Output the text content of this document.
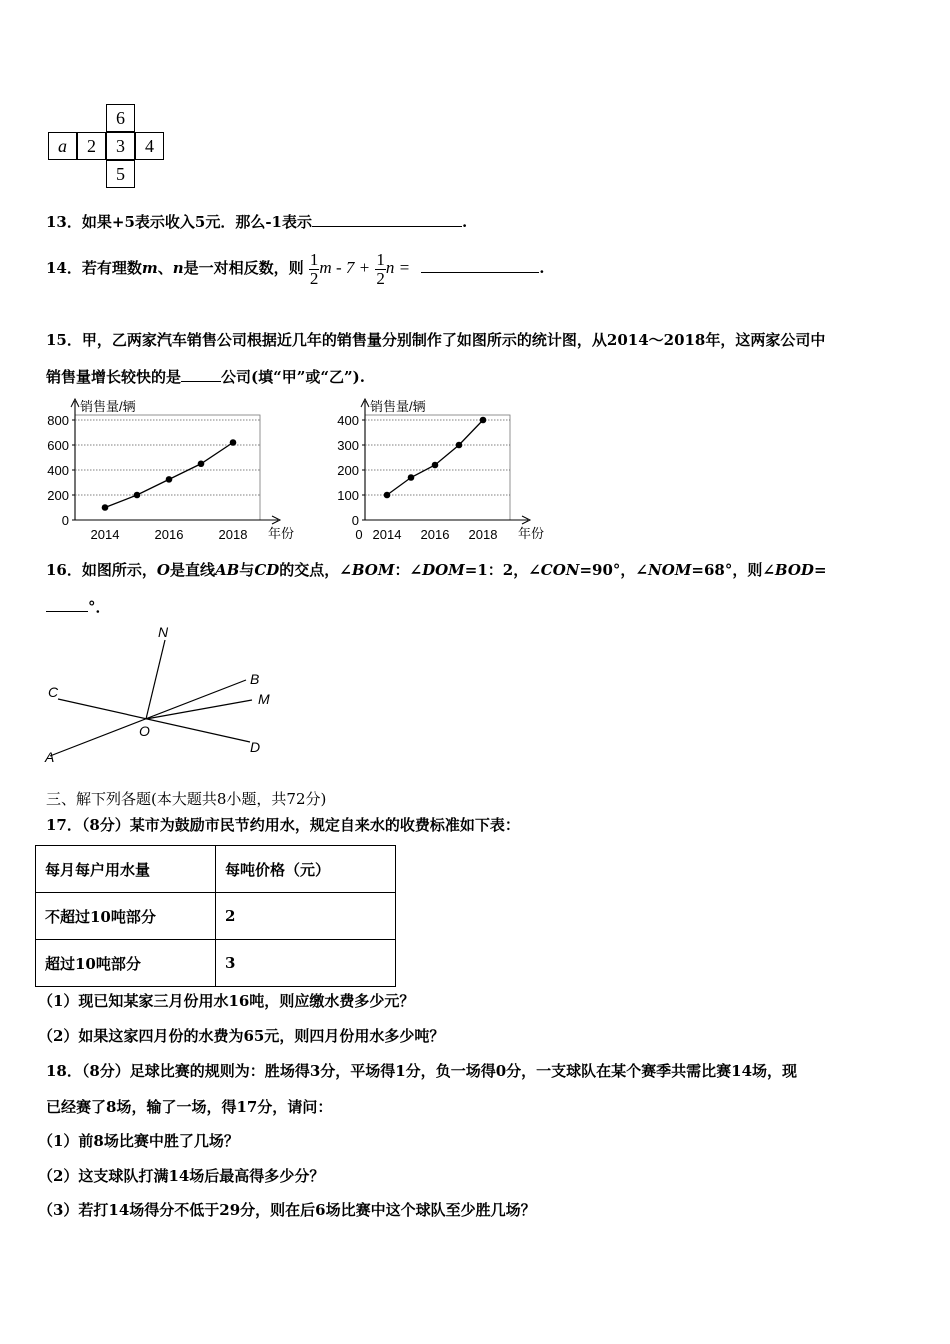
6
a	2	3	4
5
13．如果+5表示收入5元．那么-1表示	.
14．若有理数m、n是一对相反数，则 $\frac{1}{2}$ $m - 7 + \frac{1}{2}$ n =	.
15．甲，乙两家汽车销售公司根据近几年的销售量分别制作了如图所示的统计图，从2014～2018年，这两家公司中
销售量增长较快的是	公司(填“甲”或“乙”).
销售量/辆
年份
0
200
400
600
800
2014	2016	2018
销售量/辆
年份
0
100
200
300
400
0 2014 2016 2018
16．如图所示，O是直线AB与CD的交点，∠BOM：∠DOM=1：2，∠CON=90°，∠NOM=68°，则∠BOD=
°．
N
B
M
C
O
A
D
三、解下列各题(本大题共8小题，共72分)
17．（8分）某市为鼓励市民节约用水，规定自来水的收费标准如下表：
每月每户用水量	每吨价格（元）
不超过10吨部分	2
超过10吨部分	3
（1）现已知某家三月份用水16吨，则应缴水费多少元？
（2）如果这家四月份的水费为65元，则四月份用水多少吨？
18．（8分）足球比赛的规则为：胜场得3分，平场得1分，负一场得0分，一支球队在某个赛季共需比赛14场，现
已经赛了8场，输了一场，得17分，请问：
（1）前8场比赛中胜了几场？
（2）这支球队打满14场后最高得多少分？
（3）若打14场得分不低于29分，则在后6场比赛中这个球队至少胜几场？
